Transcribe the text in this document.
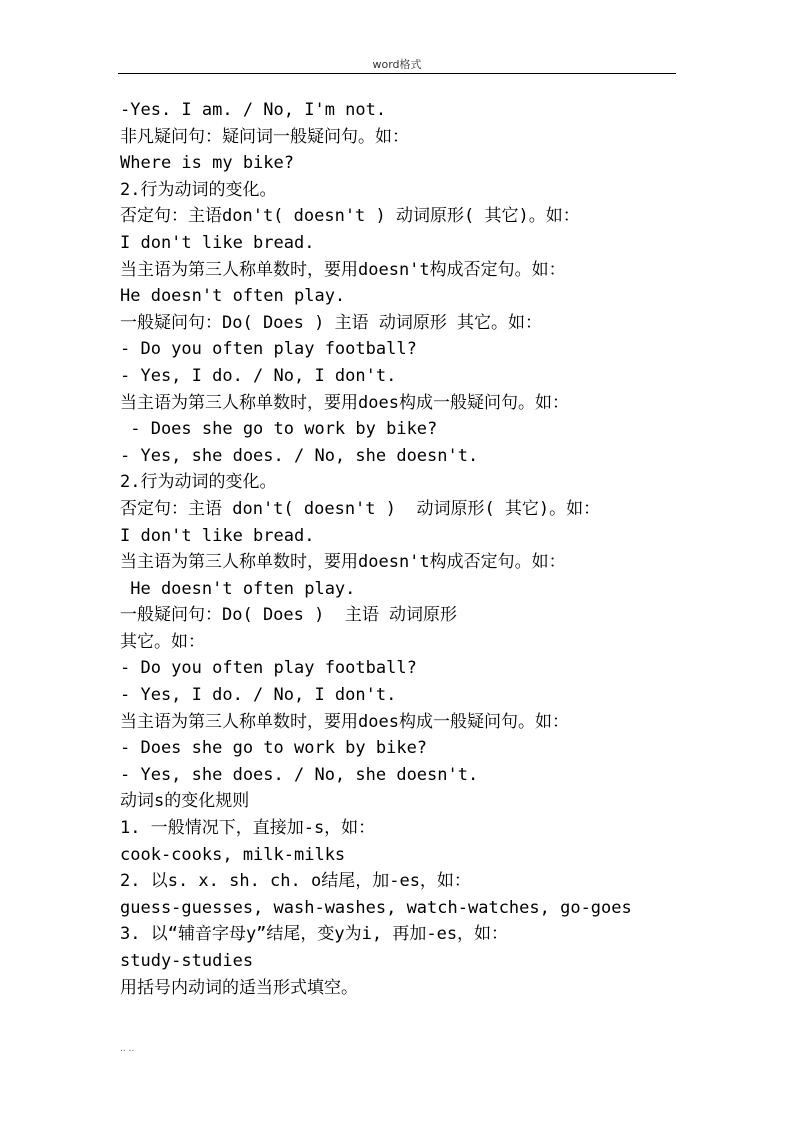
word格式
-Yes. I am. / No, I'm not.
非凡疑问句：疑问词一般疑问句。如：
Where is my bike?
2.行为动词的变化。
否定句：主语don't( doesn't ) 动词原形( 其它)。如：
I don't like bread.
当主语为第三人称单数时，要用doesn't构成否定句。如：
He doesn't often play.
一般疑问句：Do( Does ) 主语 动词原形 其它。如：
- Do you often play football?
- Yes, I do. / No, I don't.
当主语为第三人称单数时，要用does构成一般疑问句。如：
- Does she go to work by bike?
- Yes, she does. / No, she doesn't.
2.行为动词的变化。
否定句：主语 don't( doesn't )  动词原形( 其它)。如：
I don't like bread.
当主语为第三人称单数时，要用doesn't构成否定句。如：
He doesn't often play.
一般疑问句：Do( Does )  主语 动词原形
其它。如：
- Do you often play football?
- Yes, I do. / No, I don't.
当主语为第三人称单数时，要用does构成一般疑问句。如：
- Does she go to work by bike?
- Yes, she does. / No, she doesn't.
动词s的变化规则
1. 一般情况下，直接加-s，如：
cook-cooks, milk-milks
2. 以s. x. sh. ch. o结尾，加-es，如：
guess-guesses, wash-washes, watch-watches, go-goes
3. 以“辅音字母y”结尾，变y为i, 再加-es，如：
study-studies
用括号内动词的适当形式填空。
.. ..
